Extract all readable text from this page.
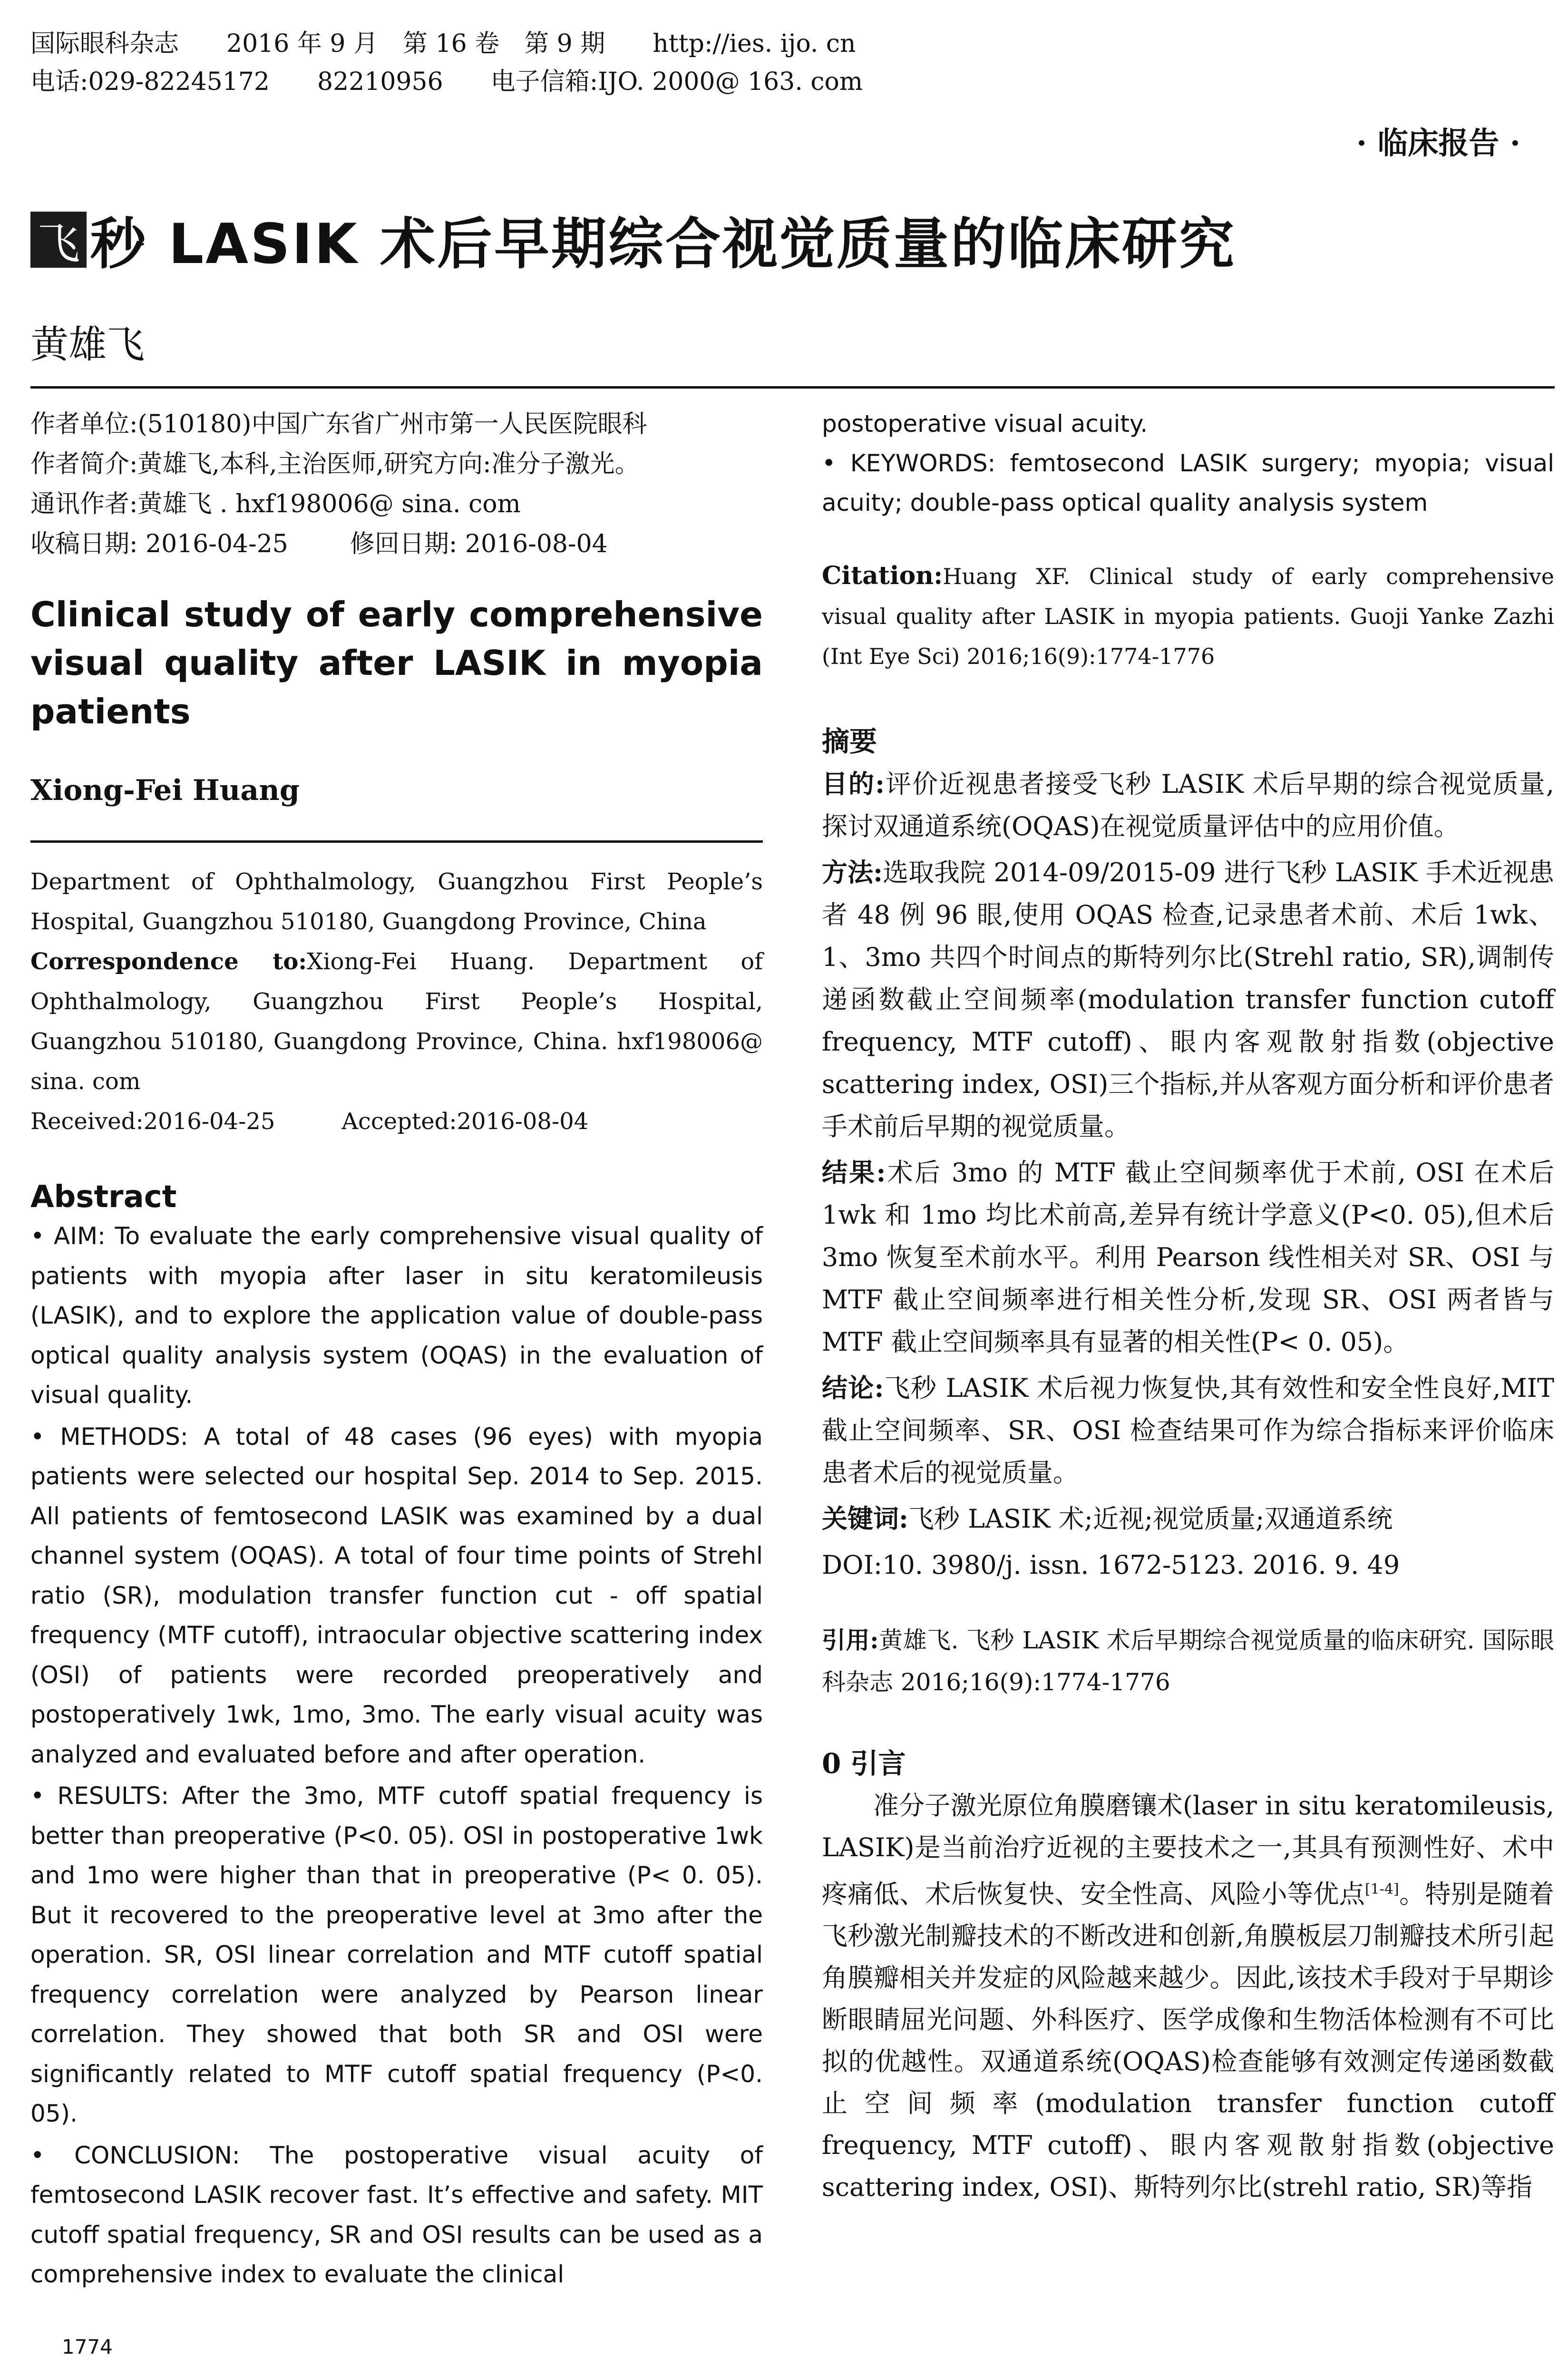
国际眼科杂志 2016 年 9 月　第 16 卷　第 9 期 http://ies. ijo. cn
电话:029-82245172 82210956 电子信箱:IJO. 2000@ 163. com
· 临床报告 ·
飞 秒 LASIK 术后早期综合视觉质量的临床研究
黄雄飞
作者单位:(510180)中国广东省广州市第一人民医院眼科
作者简介:黄雄飞,本科,主治医师,研究方向:准分子激光。
通讯作者:黄雄飞 . hxf198006@ sina. com
收稿日期: 2016-04-25	修回日期: 2016-08-04
Clinical study of early comprehensive visual quality after LASIK in myopia patients
Xiong-Fei Huang
Department of Ophthalmology, Guangzhou First People’s Hospital, Guangzhou 510180, Guangdong Province, China
Correspondence to:Xiong-Fei Huang. Department of Ophthalmology, Guangzhou First People’s Hospital, Guangzhou 510180, Guangdong Province, China. hxf198006@ sina. com
Received:2016-04-25	Accepted:2016-08-04
Abstract
• AIM: To evaluate the early comprehensive visual quality of patients with myopia after laser in situ keratomileusis (LASIK), and to explore the application value of double-pass optical quality analysis system (OQAS) in the evaluation of visual quality.
• METHODS: A total of 48 cases (96 eyes) with myopia patients were selected our hospital Sep. 2014 to Sep. 2015. All patients of femtosecond LASIK was examined by a dual channel system (OQAS). A total of four time points of Strehl ratio (SR), modulation transfer function cut - off spatial frequency (MTF cutoff), intraocular objective scattering index (OSI) of patients were recorded preoperatively and postoperatively 1wk, 1mo, 3mo. The early visual acuity was analyzed and evaluated before and after operation.
• RESULTS: After the 3mo, MTF cutoff spatial frequency is better than preoperative (P<0. 05). OSI in postoperative 1wk and 1mo were higher than that in preoperative (P< 0. 05). But it recovered to the preoperative level at 3mo after the operation. SR, OSI linear correlation and MTF cutoff spatial frequency correlation were analyzed by Pearson linear correlation. They showed that both SR and OSI were significantly related to MTF cutoff spatial frequency (P<0. 05).
• CONCLUSION: The postoperative visual acuity of femtosecond LASIK recover fast. It’s effective and safety. MIT cutoff spatial frequency, SR and OSI results can be used as a comprehensive index to evaluate the clinical
postoperative visual acuity.
• KEYWORDS: femtosecond LASIK surgery; myopia; visual acuity; double-pass optical quality analysis system
Citation:Huang XF. Clinical study of early comprehensive visual quality after LASIK in myopia patients. Guoji Yanke Zazhi (Int Eye Sci) 2016;16(9):1774-1776
摘要
目的:评价近视患者接受飞秒 LASIK 术后早期的综合视觉质量,探讨双通道系统(OQAS)在视觉质量评估中的应用价值。
方法:选取我院 2014-09/2015-09 进行飞秒 LASIK 手术近视患者 48 例 96 眼,使用 OQAS 检查,记录患者术前、术后 1wk、1、3mo 共四个时间点的斯特列尔比(Strehl ratio, SR),调制传递函数截止空间频率(modulation transfer function cutoff frequency, MTF cutoff)、眼内客观散射指数(objective scattering index, OSI)三个指标,并从客观方面分析和评价患者手术前后早期的视觉质量。
结果:术后 3mo 的 MTF 截止空间频率优于术前, OSI 在术后 1wk 和 1mo 均比术前高,差异有统计学意义(P<0. 05),但术后 3mo 恢复至术前水平。利用 Pearson 线性相关对 SR、OSI 与 MTF 截止空间频率进行相关性分析,发现 SR、OSI 两者皆与 MTF 截止空间频率具有显著的相关性(P< 0. 05)。
结论:飞秒 LASIK 术后视力恢复快,其有效性和安全性良好,MIT 截止空间频率、SR、OSI 检查结果可作为综合指标来评价临床患者术后的视觉质量。
关键词:飞秒 LASIK 术;近视;视觉质量;双通道系统
DOI:10. 3980/j. issn. 1672-5123. 2016. 9. 49
引用:黄雄飞. 飞秒 LASIK 术后早期综合视觉质量的临床研究. 国际眼科杂志 2016;16(9):1774-1776
0 引言
准分子激光原位角膜磨镶术(laser in situ keratomileusis, LASIK)是当前治疗近视的主要技术之一,其具有预测性好、术中疼痛低、术后恢复快、安全性高、风险小等优点[1-4]。特别是随着飞秒激光制瓣技术的不断改进和创新,角膜板层刀制瓣技术所引起角膜瓣相关并发症的风险越来越少。因此,该技术手段对于早期诊断眼睛屈光问题、外科医疗、医学成像和生物活体检测有不可比拟的优越性。双通道系统(OQAS)检查能够有效测定传递函数截止空间频率(modulation transfer function cutoff frequency, MTF cutoff)、眼内客观散射指数(objective scattering index, OSI)、斯特列尔比(strehl ratio, SR)等指
1774
